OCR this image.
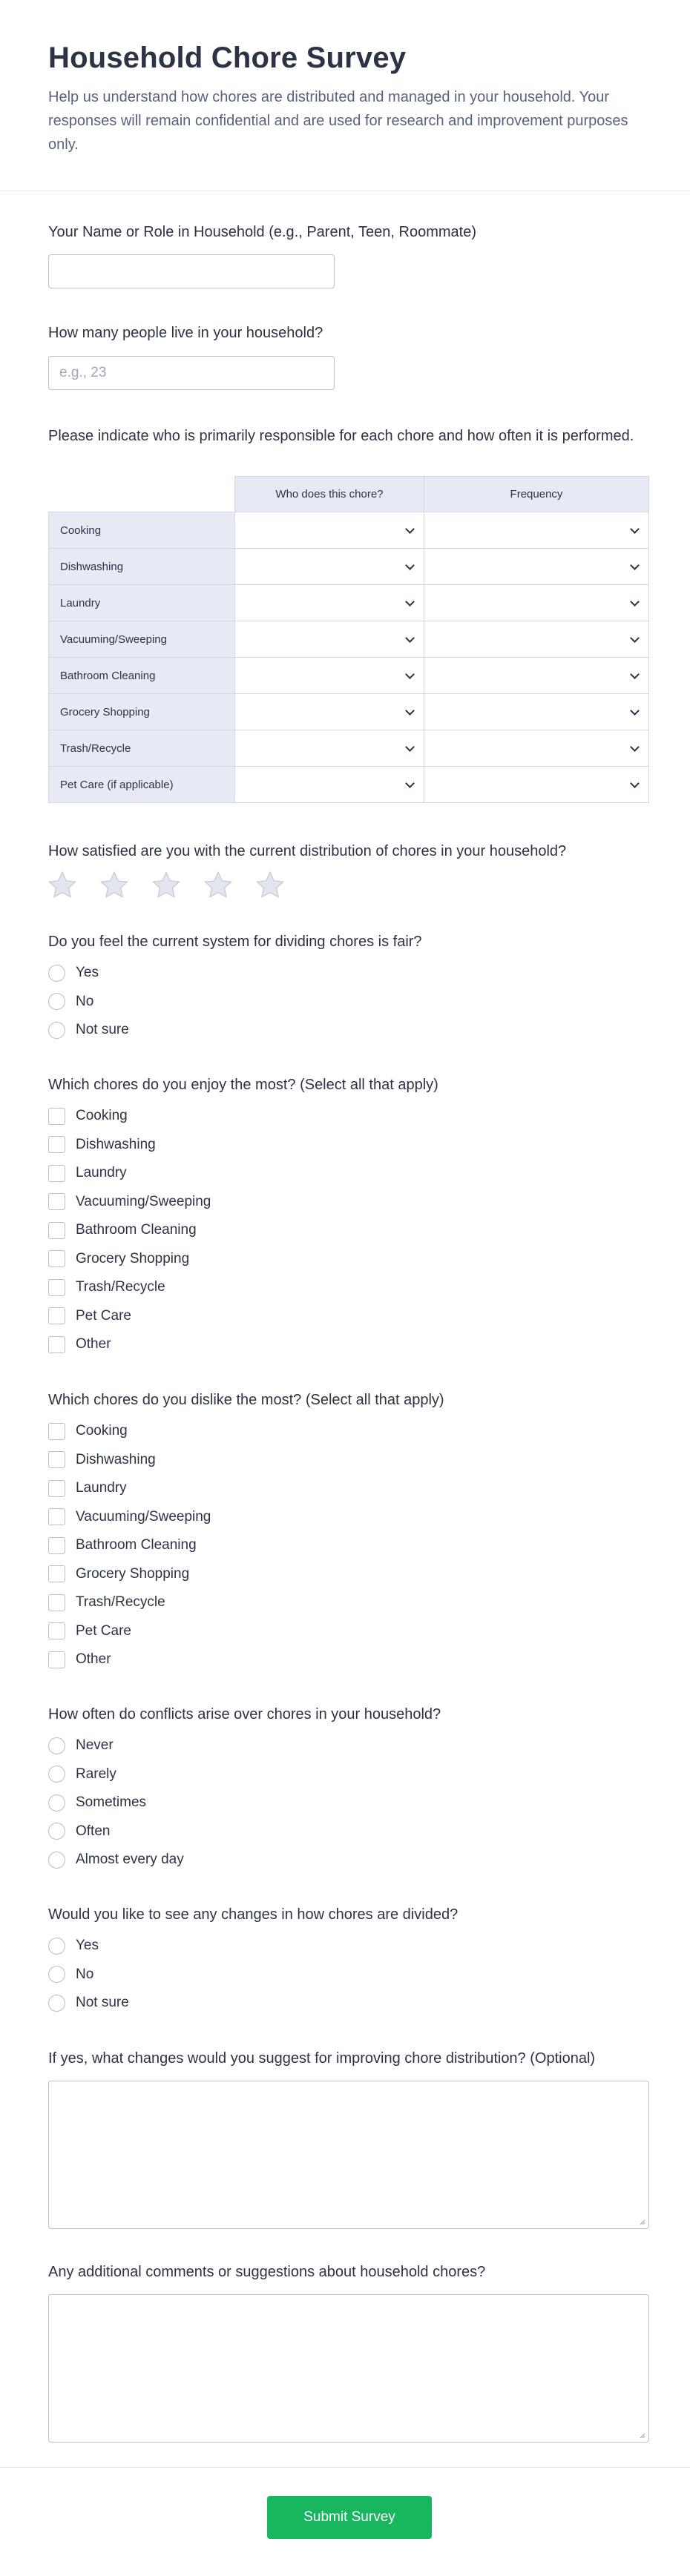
Household Chore Survey

Help us understand how chores are distributed and managed in your household. Your responses will remain confidential and are used for research and improvement purposes only.

Your Name or Role in Household (e.g., Parent, Teen, Roommate)

How many people live in your household?

e.g., 23

Please indicate who is primarily responsible for each chore and how often it is performed.

	Who does this chore?	Frequency
Cooking	

Dishwashing	

Laundry	

Vacuuming/Sweeping	

Bathroom Cleaning	

Grocery Shopping	

Trash/Recycle	

Pet Care (if applicable)	

How satisfied are you with the current distribution of chores in your household?

Do you feel the current system for dividing chores is fair?

Yes
No
Not sure

Which chores do you enjoy the most? (Select all that apply)

Cooking
Dishwashing
Laundry
Vacuuming/Sweeping
Bathroom Cleaning
Grocery Shopping
Trash/Recycle
Pet Care
Other

Which chores do you dislike the most? (Select all that apply)

Cooking
Dishwashing
Laundry
Vacuuming/Sweeping
Bathroom Cleaning
Grocery Shopping
Trash/Recycle
Pet Care
Other

How often do conflicts arise over chores in your household?

Never
Rarely
Sometimes
Often
Almost every day

Would you like to see any changes in how chores are divided?

Yes
No
Not sure

If yes, what changes would you suggest for improving chore distribution? (Optional)

Any additional comments or suggestions about household chores?

Submit Survey
